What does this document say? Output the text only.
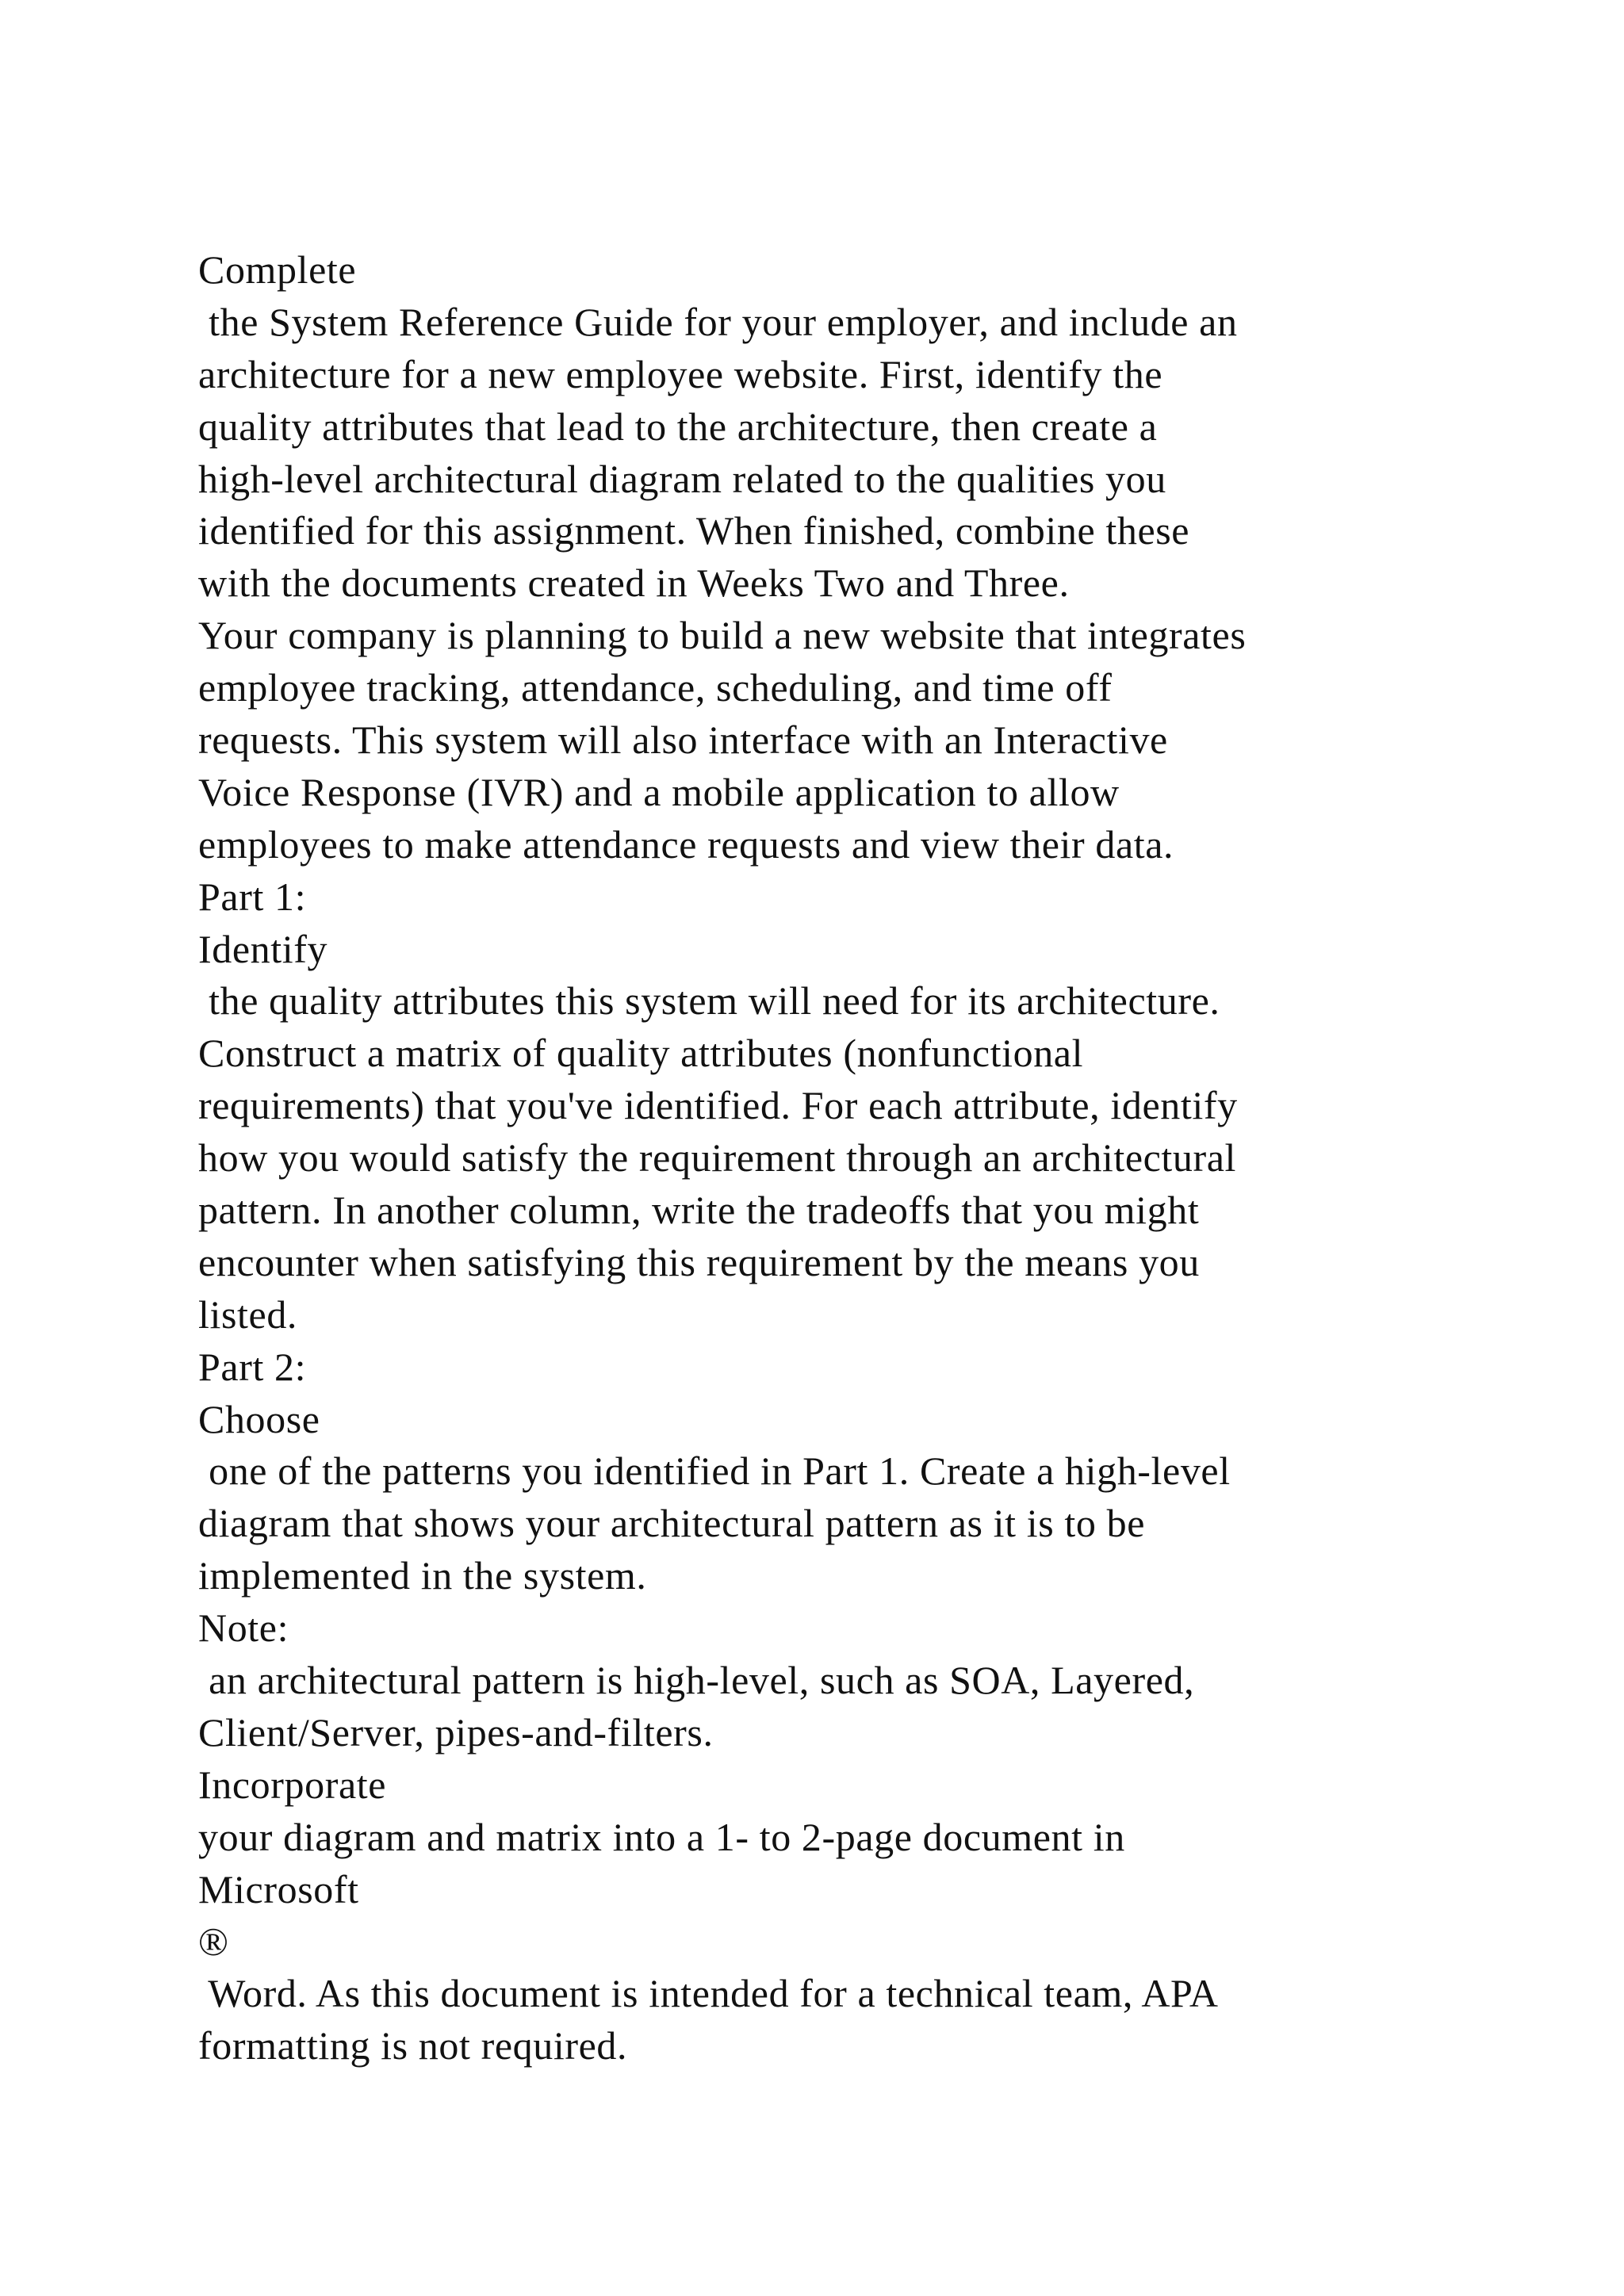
Complete
the System Reference Guide for your employer, and include an
architecture for a new employee website. First, identify the
quality attributes that lead to the architecture, then create a
high-level architectural diagram related to the qualities you
identified for this assignment. When finished, combine these
with the documents created in Weeks Two and Three.
Your company is planning to build a new website that integrates
employee tracking, attendance, scheduling, and time off
requests. This system will also interface with an Interactive
Voice Response (IVR) and a mobile application to allow
employees to make attendance requests and view their data.
Part 1:
Identify
the quality attributes this system will need for its architecture.
Construct a matrix of quality attributes (nonfunctional
requirements) that you've identified. For each attribute, identify
how you would satisfy the requirement through an architectural
pattern. In another column, write the tradeoffs that you might
encounter when satisfying this requirement by the means you
listed.
Part 2:
Choose
one of the patterns you identified in Part 1. Create a high-level
diagram that shows your architectural pattern as it is to be
implemented in the system.
Note:
an architectural pattern is high-level, such as SOA, Layered,
Client/Server, pipes-and-filters.
Incorporate
your diagram and matrix into a 1- to 2-page document in
Microsoft
®
Word. As this document is intended for a technical team, APA
formatting is not required.
